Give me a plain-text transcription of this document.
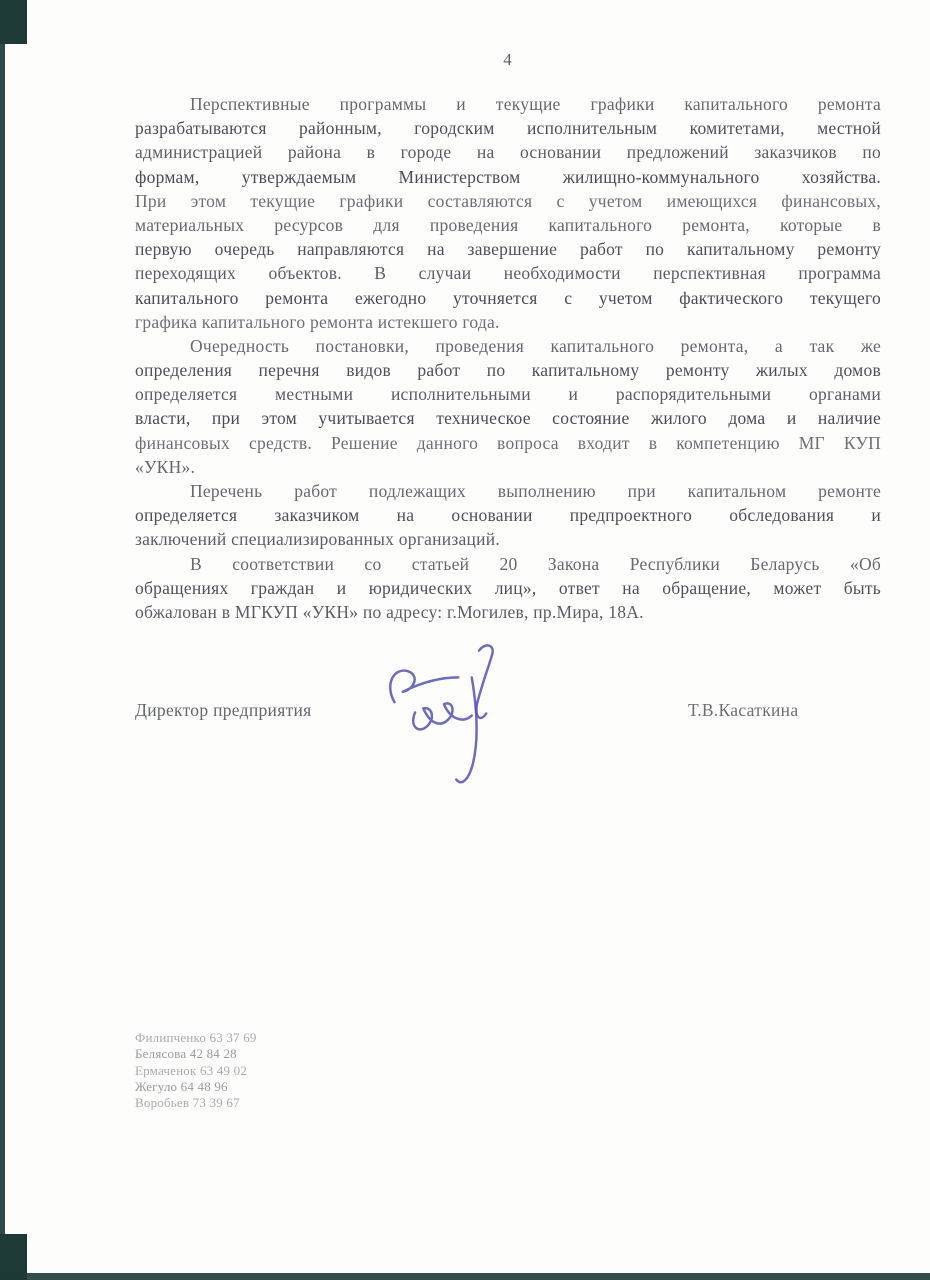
4
Перспективные программы и текущие графики капитального ремонта
разрабатываются районным, городским исполнительным комитетами, местной
администрацией района в городе на основании предложений заказчиков по
формам, утверждаемым Министерством жилищно-коммунального хозяйства.
При этом текущие графики составляются с учетом имеющихся финансовых,
материальных ресурсов для проведения капитального ремонта, которые в
первую очередь направляются на завершение работ по капитальному ремонту
переходящих объектов. В случаи необходимости перспективная программа
капитального ремонта ежегодно уточняется с учетом фактического текущего
графика капитального ремонта истекшего года.
Очередность постановки, проведения капитального ремонта, а так же
определения перечня видов работ по капитальному ремонту жилых домов
определяется местными исполнительными и распорядительными органами
власти, при этом учитывается техническое состояние жилого дома и наличие
финансовых средств. Решение данного вопроса входит в компетенцию МГ КУП
«УКН».
Перечень работ подлежащих выполнению при капитальном ремонте
определяется заказчиком на основании предпроектного обследования и
заключений специализированных организаций.
В соответствии со статьей 20 Закона Республики Беларусь «Об
обращениях граждан и юридических лиц», ответ на обращение, может быть
обжалован в МГКУП «УКН» по адресу: г.Могилев, пр.Мира, 18А.
Директор предприятия	Т.В.Касаткина
Филипченко 63 37 69
Белясова 42 84 28
Ермаченок 63 49 02
Жегуло 64 48 96
Воробьев 73 39 67
